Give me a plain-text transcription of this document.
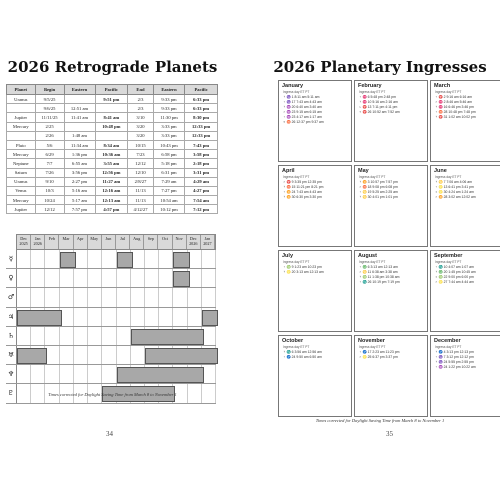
2026 Retrograde Planets
Planet	Begin	Eastern	Pacific	End	Eastern	Pacific
Uranus	9/5/25		9:51 pm	2/3	9:33 pm	6:33 pm
	9/6/25	12:51 am		2/3	9:33 pm	6:33 pm
Jupiter	11/11/25	11:41 am	8:41 am	3/10	11:30 pm	8:30 pm
Mercury	2/25		10:48 pm	3/20	3:33 pm	12:33 pm
	2/26	1:48 am		3/20	3:33 pm	12:33 pm
Pluto	5/6	11:34 am	8:34 am	10/15	10:43 pm	7:43 pm
Mercury	6/29	1:36 pm	10:36 am	7/23	6:58 pm	3:58 pm
Neptune	7/7	6:55 am	3:55 am	12/12	5:18 pm	2:18 pm
Saturn	7/26	3:56 pm	12:56 pm	12/10	6:31 pm	3:31 pm
Uranus	9/10	2:27 pm	11:27 am	2/8/27	7:29 am	4:29 am
Venus	10/3	5:16 am	12:16 am	11/13	7:27 pm	4:27 pm
Mercury	10/24	5:17 am	12:13 am	11/13	10:54 am	7:54 am
Jupiter	12/12	7:57 pm	4:57 pm	4/12/27	10:12 pm	7:12 pm
Dec 2025
Jan 2026
Feb	Mar	Apr	May	Jun	Jul	Aug	Sep	Oct	Nov	Dec 2026
Jan 2027
☿
♀
♂
♃
♄
♅
♆
♇	Times corrected for Daylight Saving Time from March 8 to November 1
34
2026 Planetary Ingresses
January
Ingress day ET PT
☿ ♑ 1 8:11 am 5:11 am
♀ ♑ 17 7:43 am 4:43 am
☿ ♒ 20 6:40 am 3:40 am
♂ ♒ 23 9:15 am 6:15 am
♀ ♒ 23 4:17 am 1:17 am
♅ ♉ 26 12:37 pm 9:37 am
February
Ingress day ET PT
♀ ♓ 6 5:48 pm 2:48 pm
☿ ♓ 10 5:16 am 2:16 am
♄ ♈ 13 7:11 pm 4:11 pm
♆ ♈ 26 10:52 am 7:52 am
March
Ingress day ET PT
♀ ♈ 2 9:16 am 6:16 am
♂ ♓ 2 8:46 am 5:46 am
☿ ♓ 16 6:46 pm 3:46 pm
♀ ♉ 28 10:48 pm 7:48 pm
☿ ♈ 31 1:02 am 10:02 pm
April
Ingress day ET PT
♂ ♈ 9 3:35 pm 12:35 pm
☿ ♉ 15 11:21 pm 8:21 pm
♀ ♊ 24 7:43 am 4:43 am
☿ ♊ 30 6:30 pm 3:30 pm
May
Ingress day ET PT
☿ ♊ 3 10:57 pm 7:57 pm
♂ ♉ 18 9:08 pm 6:08 pm
♀ ♋ 19 5:25 am 2:25 am
☿ ♋ 30 4:01 pm 1:01 pm
June
Ingress day ET PT
☿ ♋ 7 7:06 am 4:06 am
♀ ♌ 13 6:41 pm 3:41 pm
♃ ♌ 30 4:24 am 1:24 am
♂ ♊ 28 3:02 am 12:02 am
July
Ingress day ET PT
♀ ♍ 9 1:23 am 10:23 pm
☿ ♌ 20 3:13 am 12:13 am
August
Ingress day ET PT
♀ ♎ 6 3:13 am 12:13 am
♂ ♋ 11 6:38 am 3:38 am
☿ ♍ 11 1:38 pm 10:38 am
♀ ♏ 26 10:19 pm 7:19 pm
September
Ingress day ET PT
♀ ♏ 10 4:07 am 1:07 am
☿ ♎ 20 1:45 pm 10:45 am
♃ ♍ 22 9:00 pm 6:00 pm
♂ ♌ 27 7:44 am 4:44 am
October
Ingress day ET PT
☿ ♏ 6 3:56 am 12:56 am
♀ ♐ 24 9:50 am 6:50 am
November
Ingress day ET PT
♀ ♐ 17 2:23 am 11:23 pm
♂ ♌ 25 6:37 pm 3:37 pm
December
Ingress day ET PT
☿ ♐ 4 3:13 pm 12:13 pm
♀ ♑ 7 3:12 pm 12:12 pm
☿ ♑ 24 5:55 pm 2:55 pm
♀ ♒ 24 1:22 pm 10:22 am
Times corrected for Daylight Saving Time from March 8 to November 1
35
